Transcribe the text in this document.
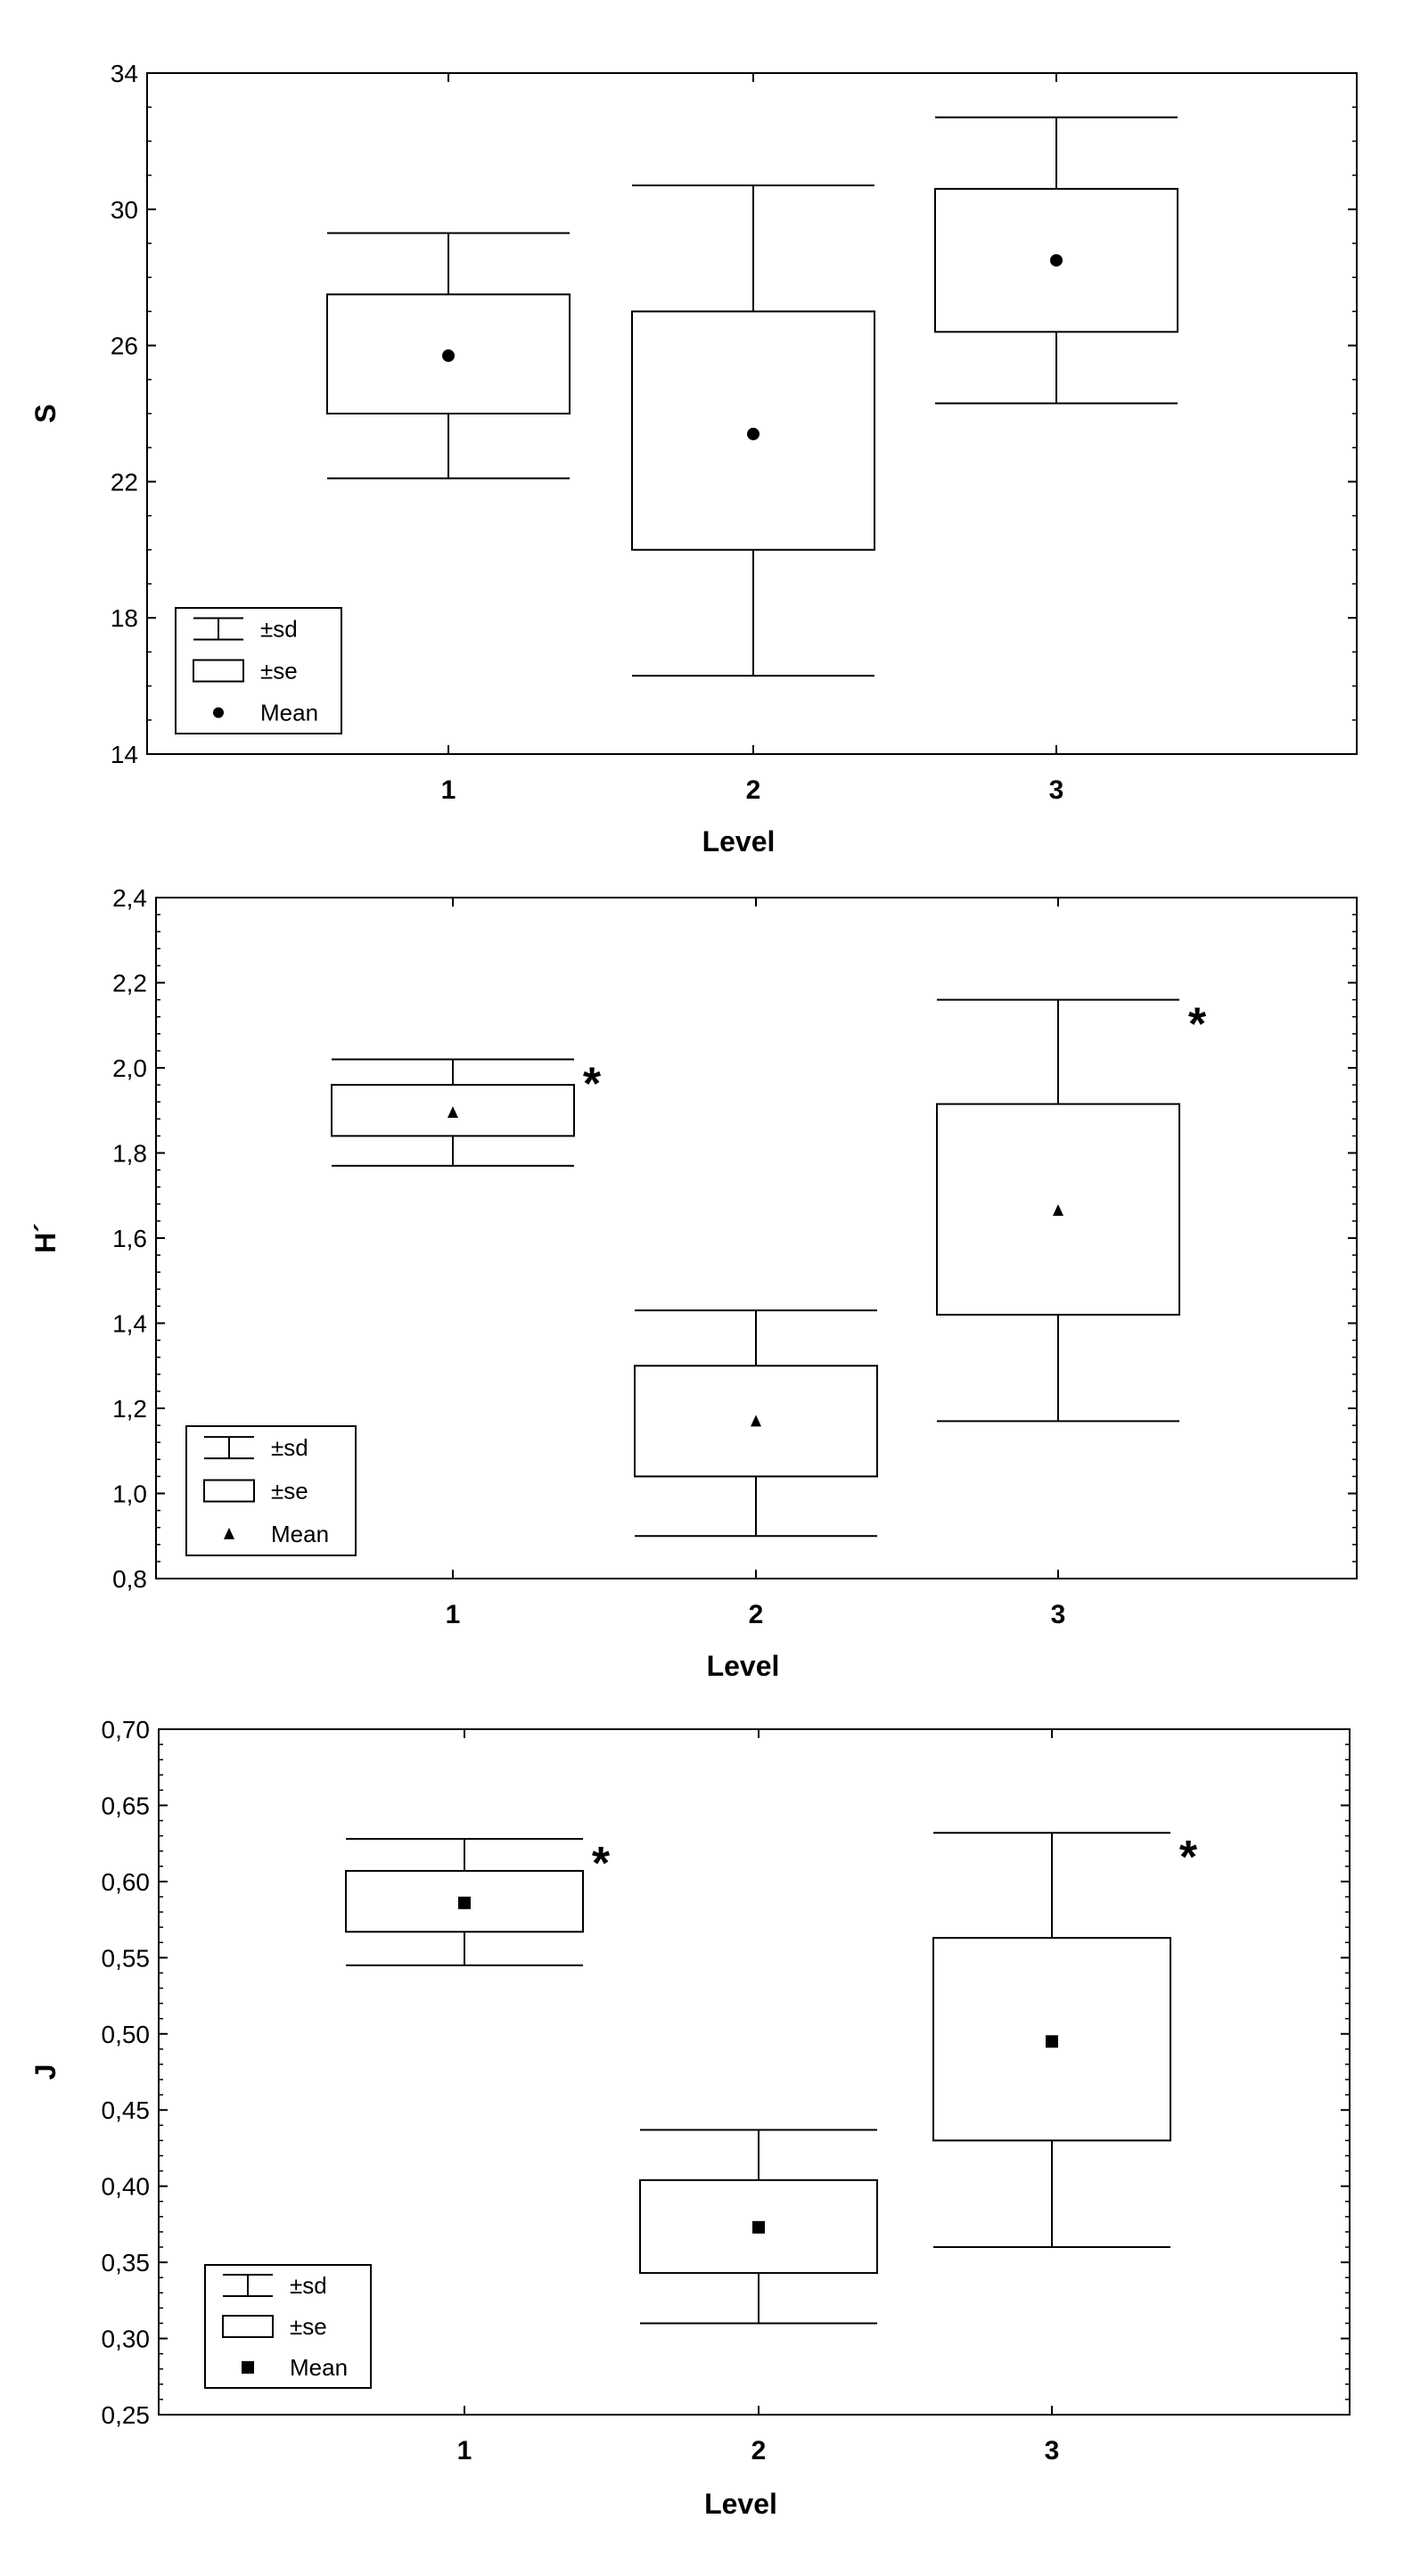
14
18
22
26
30
34
1	2	3
Level
S
±sd
±se
Mean
0,8
1,0
1,2
1,4
1,6
1,8
2,0
2,2
2,4
1	2	3
Level
H´
*
*
±sd
±se
Mean
0,25
0,30
0,35
0,40
0,45
0,50
0,55
0,60
0,65
0,70
1	2	3
Level
J
*	*
±sd
±se
Mean
